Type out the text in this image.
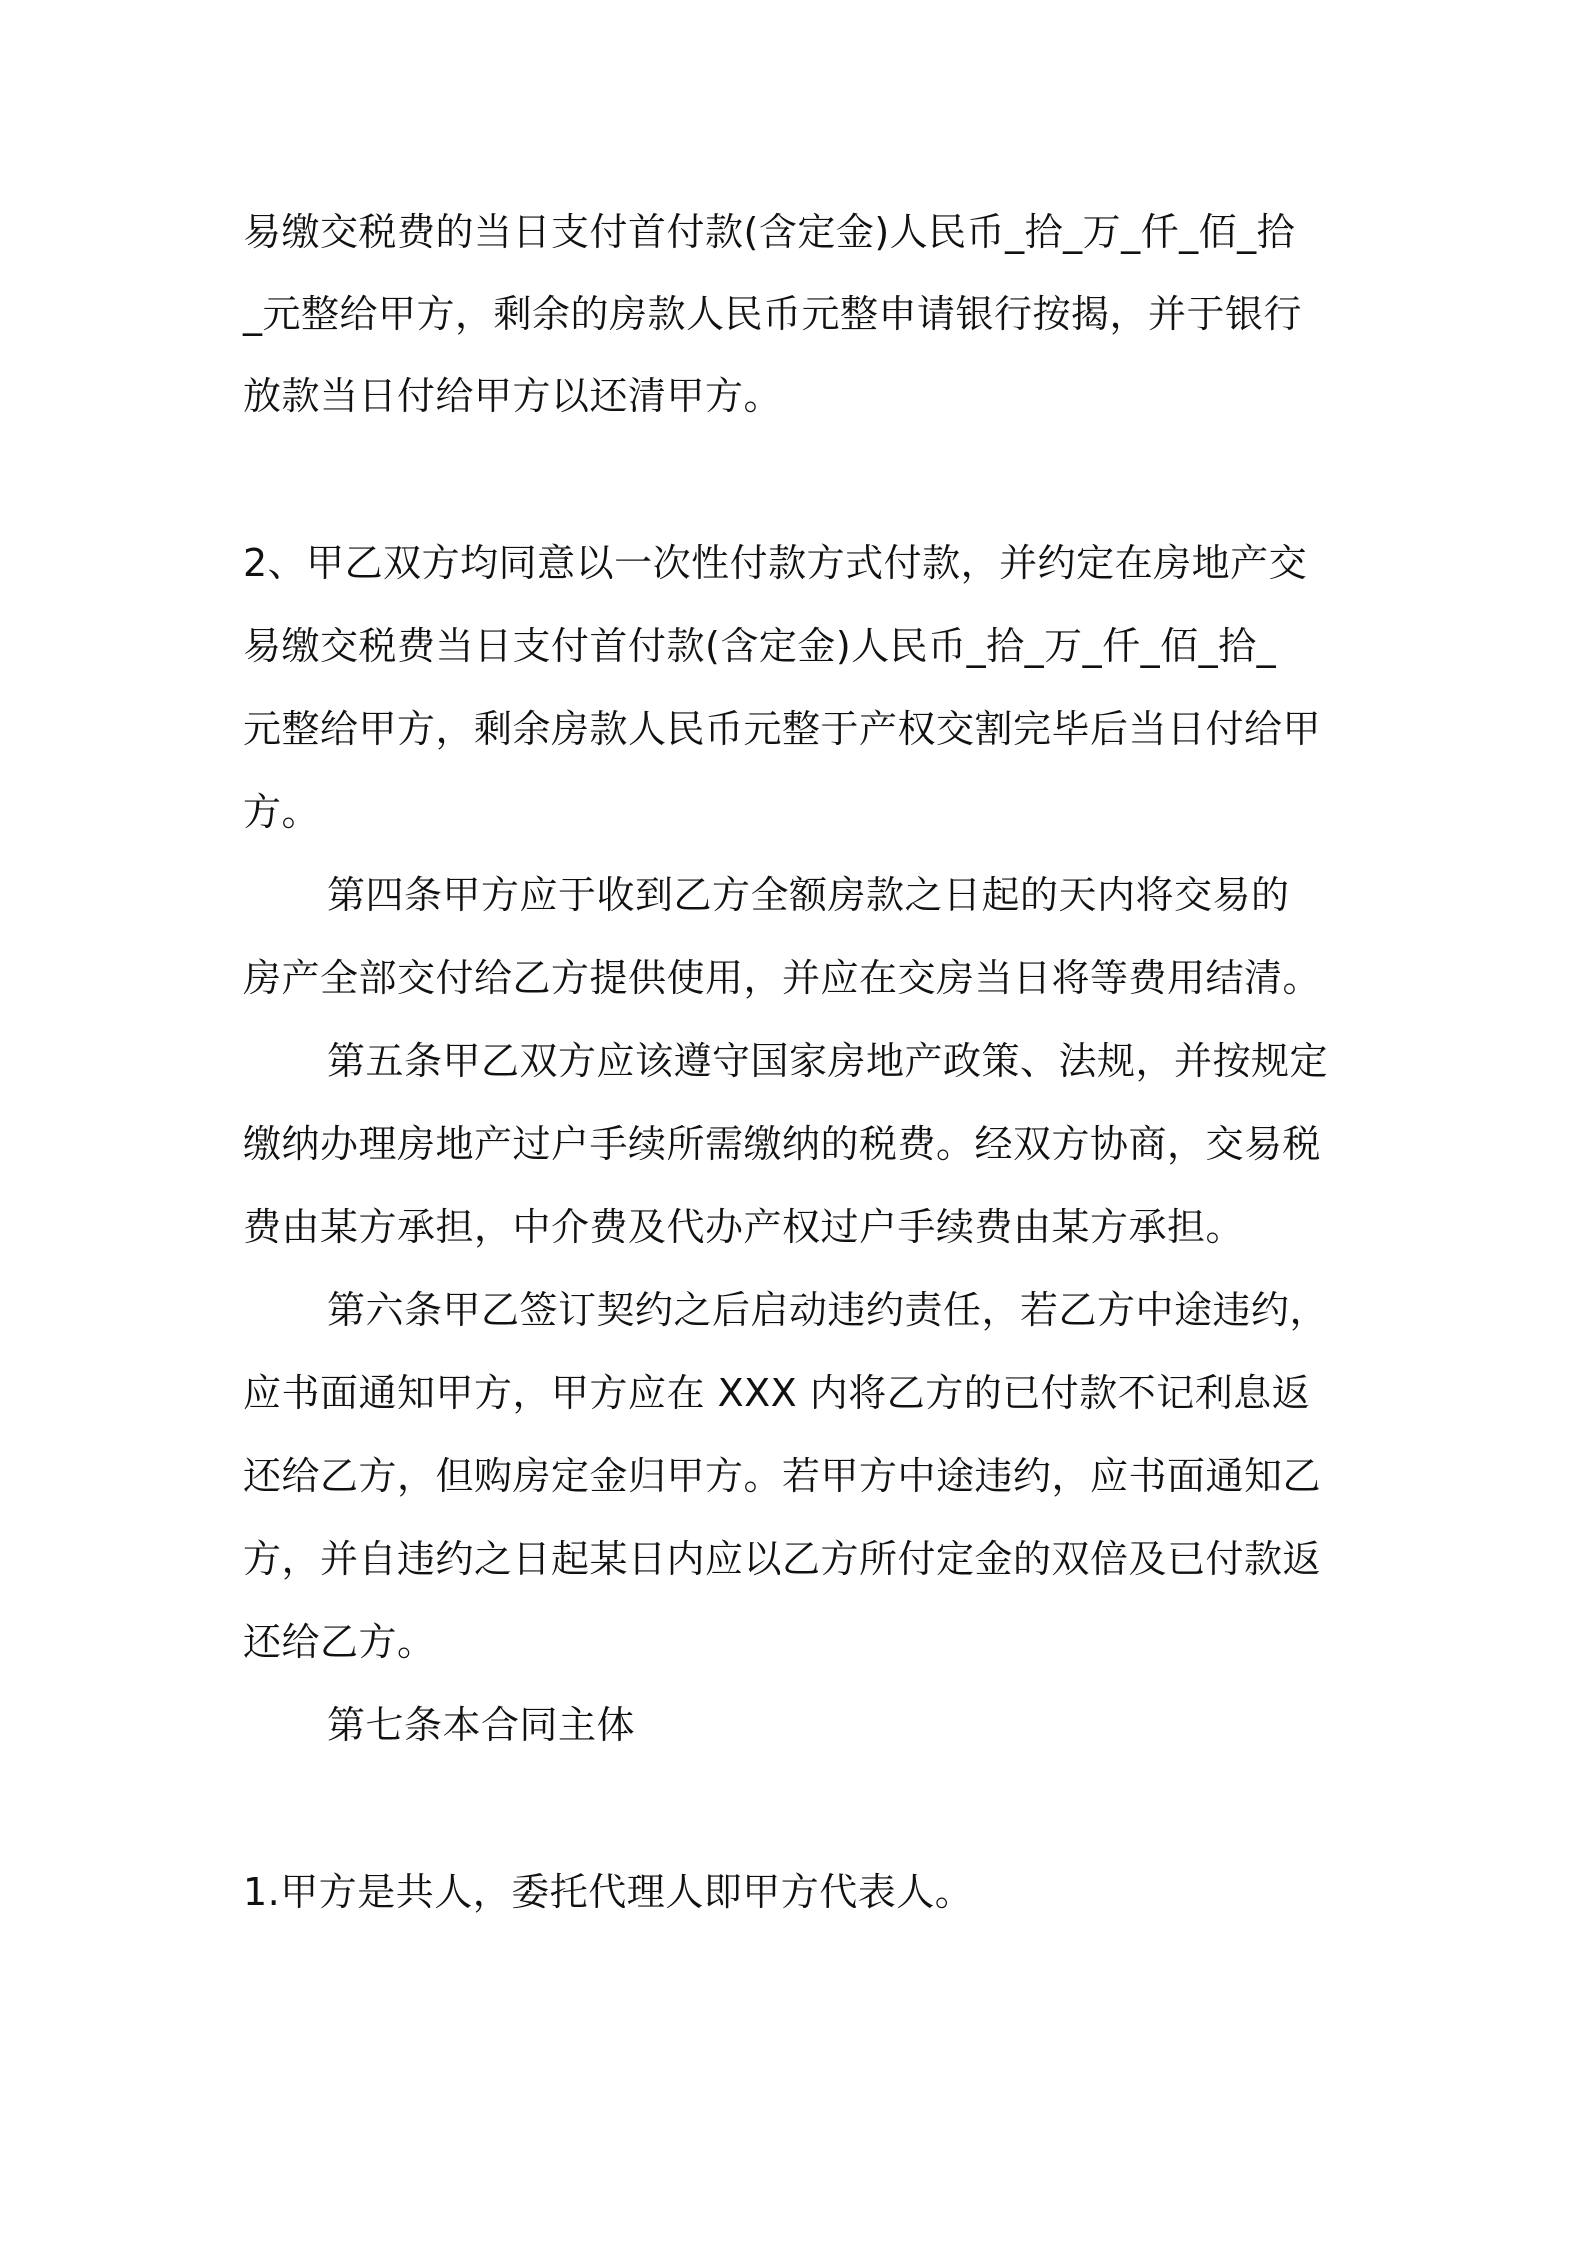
易缴交税费的当日支付首付款(含定金)人民币_拾_万_仟_佰_拾
_元整给甲方，剩余的房款人民币元整申请银行按揭，并于银行
放款当日付给甲方以还清甲方。
2、甲乙双方均同意以一次性付款方式付款，并约定在房地产交
易缴交税费当日支付首付款(含定金)人民币_拾_万_仟_佰_拾_
元整给甲方，剩余房款人民币元整于产权交割完毕后当日付给甲
方。
第四条甲方应于收到乙方全额房款之日起的天内将交易的
房产全部交付给乙方提供使用，并应在交房当日将等费用结清。
第五条甲乙双方应该遵守国家房地产政策、法规，并按规定
缴纳办理房地产过户手续所需缴纳的税费。经双方协商，交易税
费由某方承担，中介费及代办产权过户手续费由某方承担。
第六条甲乙签订契约之后启动违约责任，若乙方中途违约，
应书面通知甲方，甲方应在 XXX 内将乙方的已付款不记利息返
还给乙方，但购房定金归甲方。若甲方中途违约，应书面通知乙
方，并自违约之日起某日内应以乙方所付定金的双倍及已付款返
还给乙方。
第七条本合同主体
1.甲方是共人，委托代理人即甲方代表人。
